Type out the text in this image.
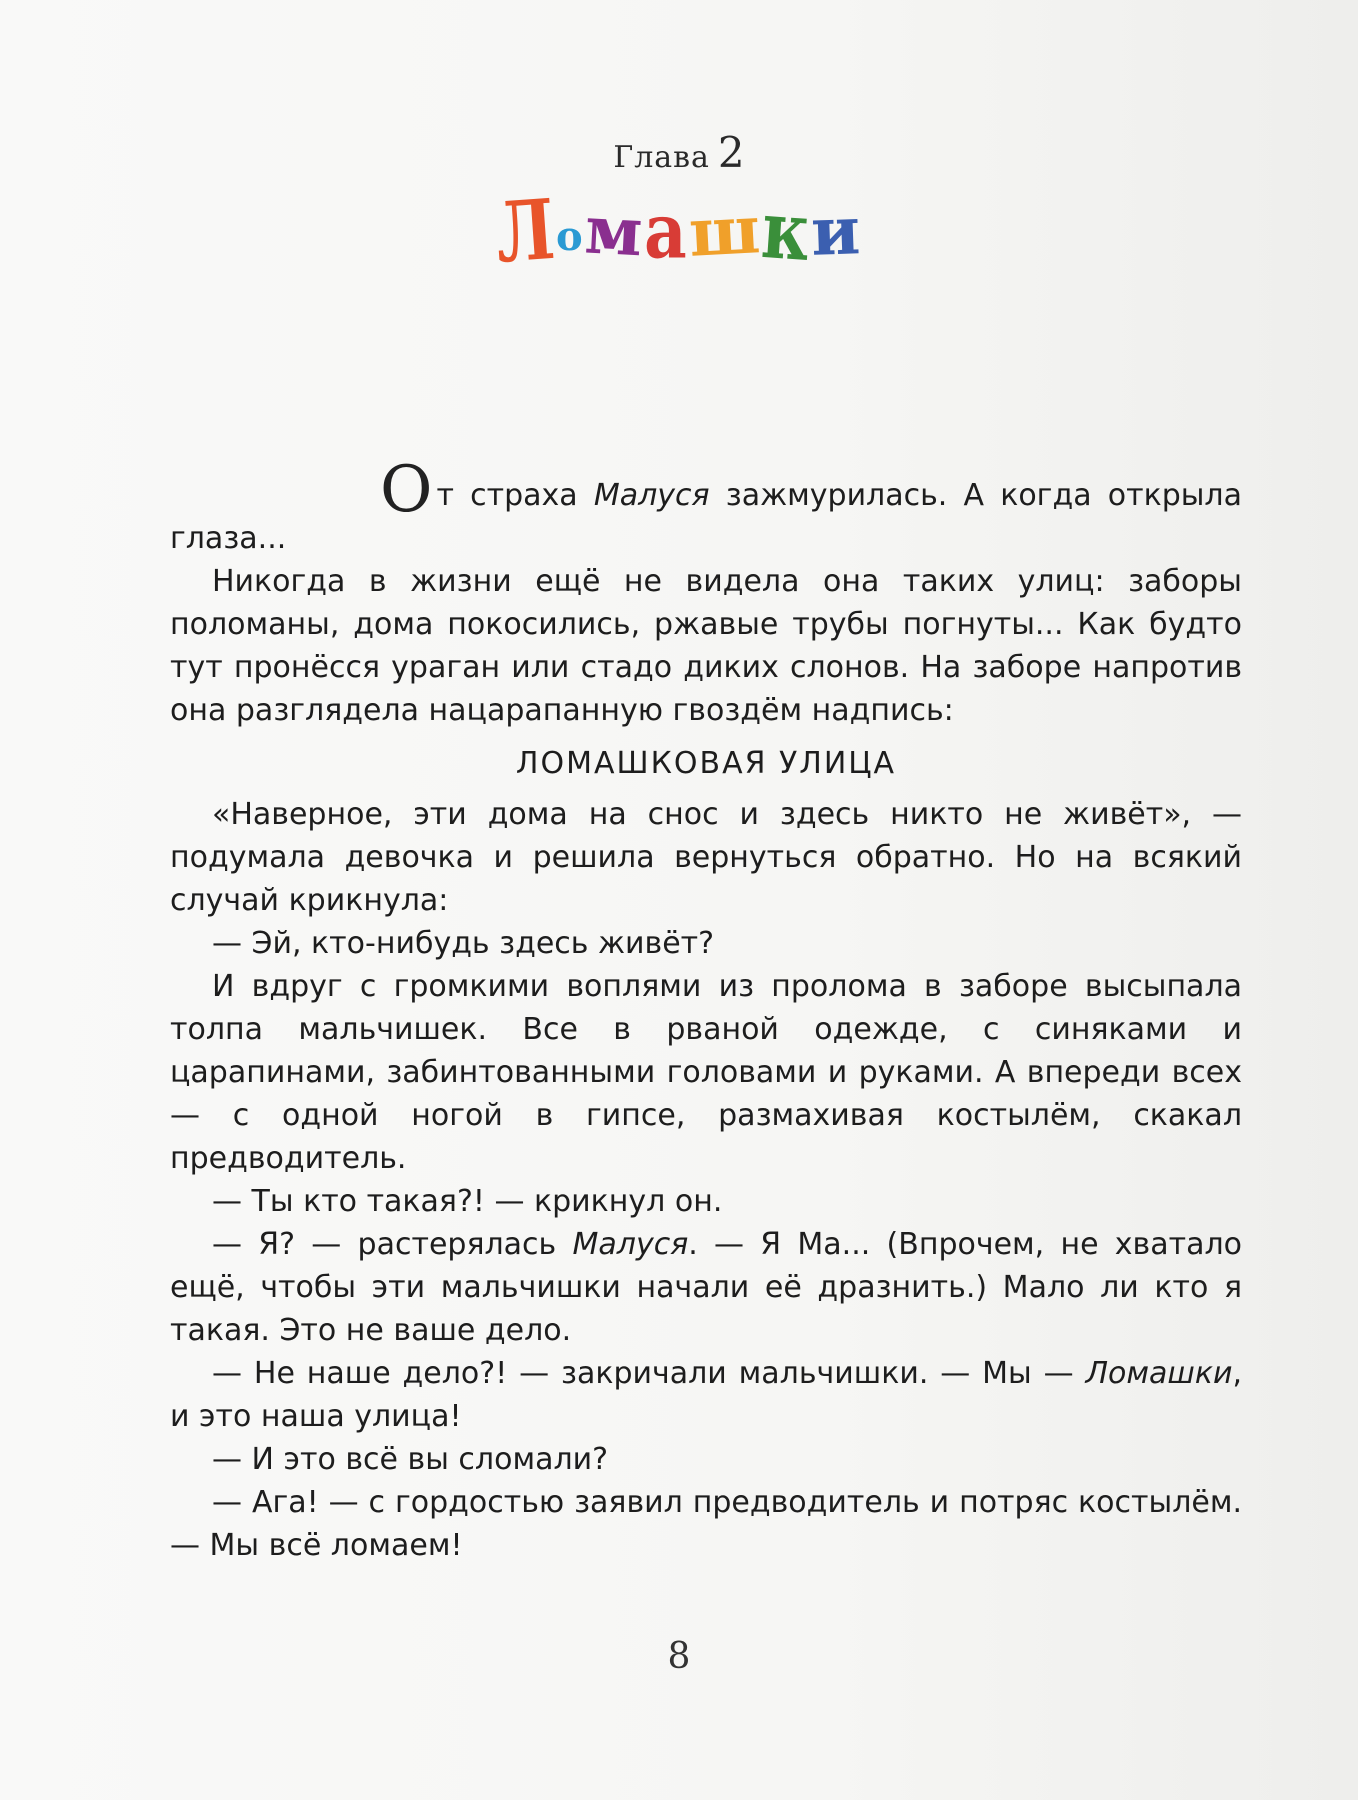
Глава 2
Ломашки

От страха Малуся зажмурилась. А когда открыла глаза...

Никогда в жизни ещё не видела она таких улиц: заборы поломаны, дома покосились, ржавые трубы погнуты... Как будто тут пронёсся ураган или стадо диких слонов. На заборе напротив она разглядела нацарапанную гвоздём надпись:

ЛОМАШКОВАЯ УЛИЦА

«Наверное, эти дома на снос и здесь никто не живёт», — подумала девочка и решила вернуться обратно. Но на всякий случай крикнула:

— Эй, кто-нибудь здесь живёт?

И вдруг с громкими воплями из пролома в заборе высыпала толпа мальчишек. Все в рваной одежде, с синяками и царапинами, забинтованными головами и руками. А впереди всех — с одной ногой в гипсе, размахивая костылём, скакал предводитель.

— Ты кто такая?! — крикнул он.

— Я? — растерялась Малуся. — Я Ма... (Впрочем, не хватало ещё, чтобы эти мальчишки начали её дразнить.) Мало ли кто я такая. Это не ваше дело.

— Не наше дело?! — закричали мальчишки. — Мы — Ломашки, и это наша улица!

— И это всё вы сломали?

— Ага! — с гордостью заявил предводитель и потряс костылём. — Мы всё ломаем!

8
